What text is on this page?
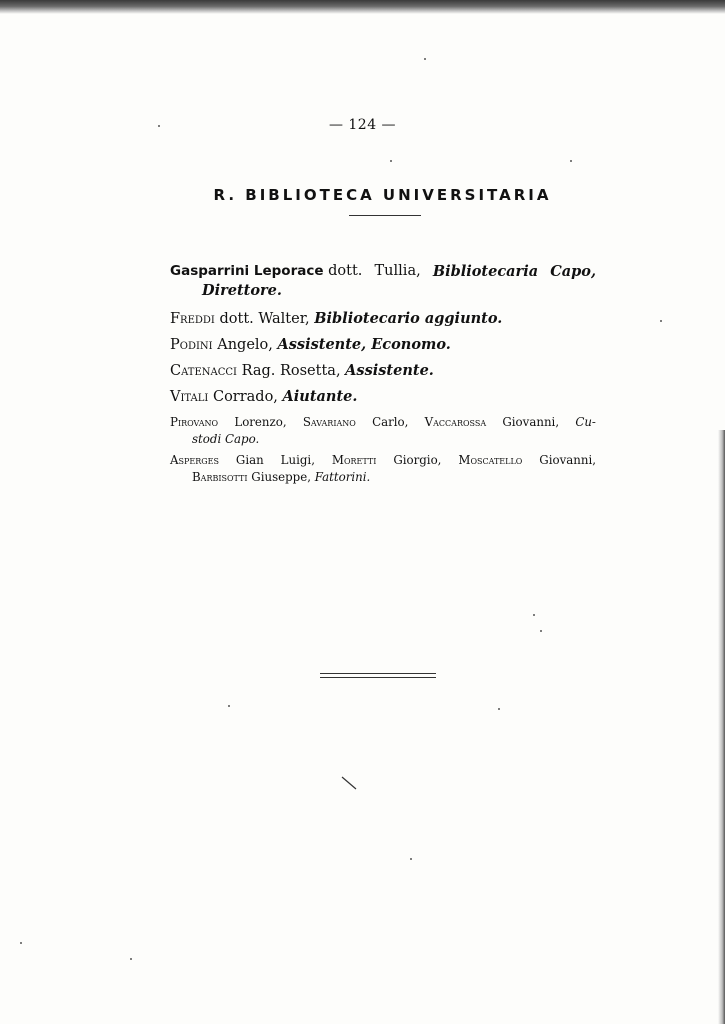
— 124 —
R. BIBLIOTECA UNIVERSITARIA
Gasparrini Leporace dott. Tullia, Bibliotecaria Capo,
Direttore.
Freddi dott. Walter, Bibliotecario aggiunto.
Podini Angelo, Assistente, Economo.
Catenacci Rag. Rosetta, Assistente.
Vitali Corrado, Aiutante.
Pirovano Lorenzo, Savariano Carlo, Vaccarossa Giovanni, Cu-
stodi Capo.
Asperges Gian Luigi, Moretti Giorgio, Moscatello Giovanni,
Barbisotti Giuseppe, Fattorini.
